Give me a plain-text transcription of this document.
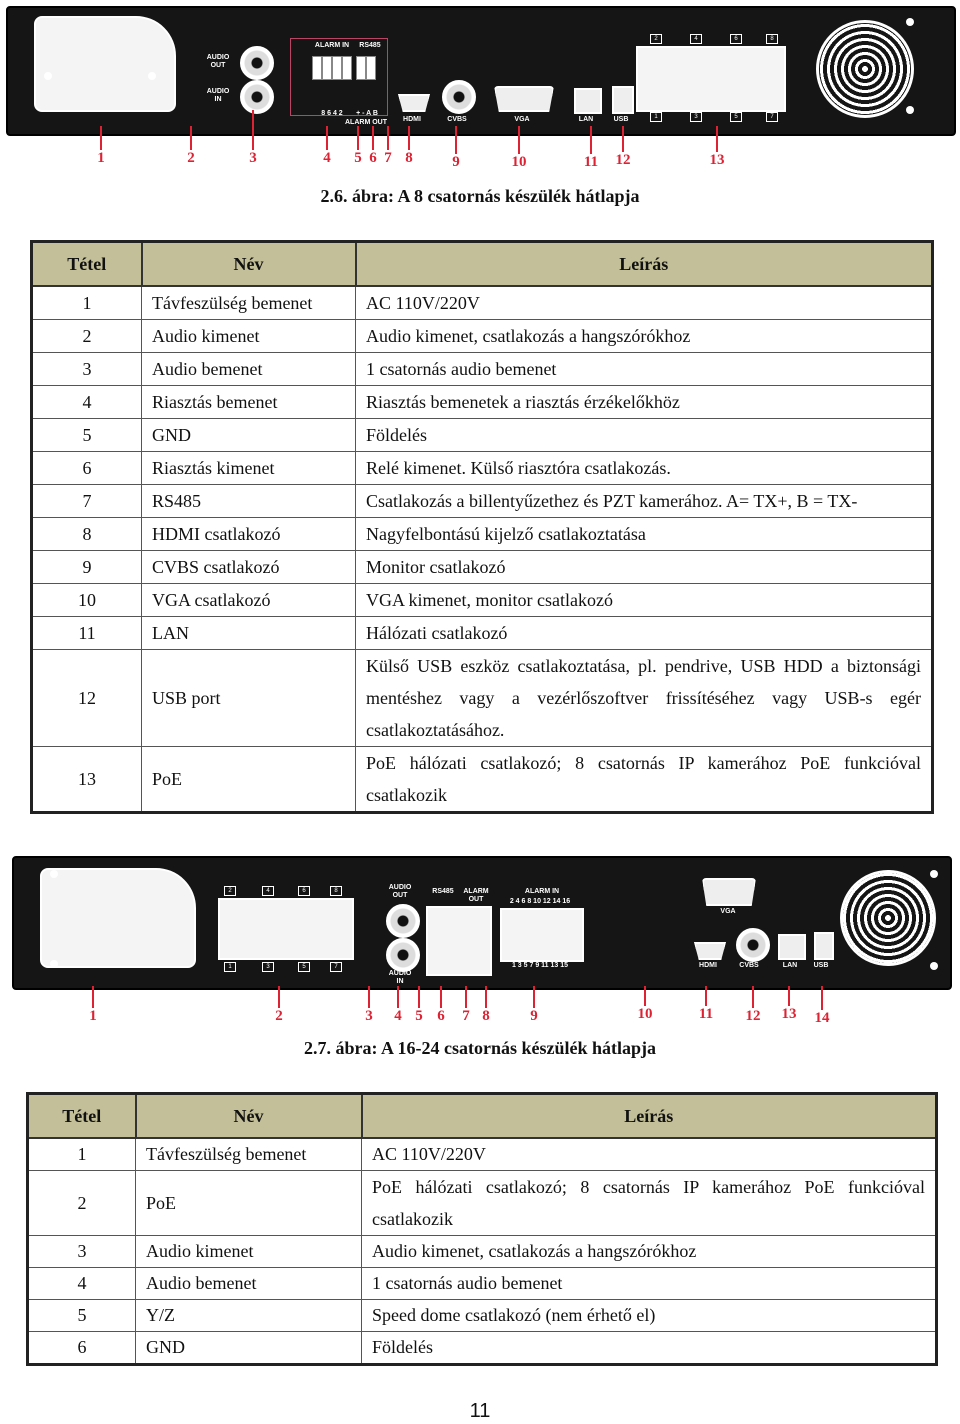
AUDIO OUT
AUDIO IN
ALARM IN	RS485
8 6 4 2	+ - A B
ALARM OUT	HDMI	CVBS	VGA	LAN	USB
2	4	6	8
1	3	5	7
1	2	3	4	5 6 7 8	9	10	11	12	13
2.6. ábra: A 8 csatornás készülék hátlapja
Tétel	Név	Leírás
1	Távfeszülség bemenet	AC 110V/220V
2	Audio kimenet	Audio kimenet, csatlakozás a hangszórókhoz
3	Audio bemenet	1 csatornás audio bemenet
4	Riasztás bemenet	Riasztás bemenetek a riasztás érzékelőkhöz
5	GND	Földelés
6	Riasztás kimenet	Relé kimenet. Külső riasztóra csatlakozás.
7	RS485	Csatlakozás a billentyűzethez és PZT kamerához. A= TX+, B = TX-
8	HDMI csatlakozó	Nagyfelbontású kijelző csatlakoztatása
9	CVBS csatlakozó	Monitor csatlakozó
10	VGA csatlakozó	VGA kimenet, monitor csatlakozó
11	LAN	Hálózati csatlakozó
12	USB port	Külső USB eszköz csatlakoztatása, pl. pendrive, USB HDD a biztonsági mentéshez vagy a vezérlőszoftver frissítéséhez vagy USB-s egér csatlakoztatásához.
13	PoE	PoE hálózati csatlakozó; 8 csatornás IP kamerához PoE funkcióval csatlakozik
2	4	6	8
1	3	5	7
AUDIO OUT
AUDIO IN
RS485	ALARM OUT
ALARM IN
2 4 6 8 10 12 14 16
1 3 5 7 9 11 13 15
VGA
HDMI	CVBS	LAN	USB
1	2	3	4 5 6	7 8	9	10	11	12	13	14
2.7. ábra: A 16-24 csatornás készülék hátlapja
Tétel	Név	Leírás
1	Távfeszülség bemenet	AC 110V/220V
2	PoE	PoE hálózati csatlakozó; 8 csatornás IP kamerához PoE funkcióval csatlakozik
3	Audio kimenet	Audio kimenet, csatlakozás a hangszórókhoz
4	Audio bemenet	1 csatornás audio bemenet
5	Y/Z	Speed dome csatlakozó (nem érhető el)
6	GND	Földelés
11
